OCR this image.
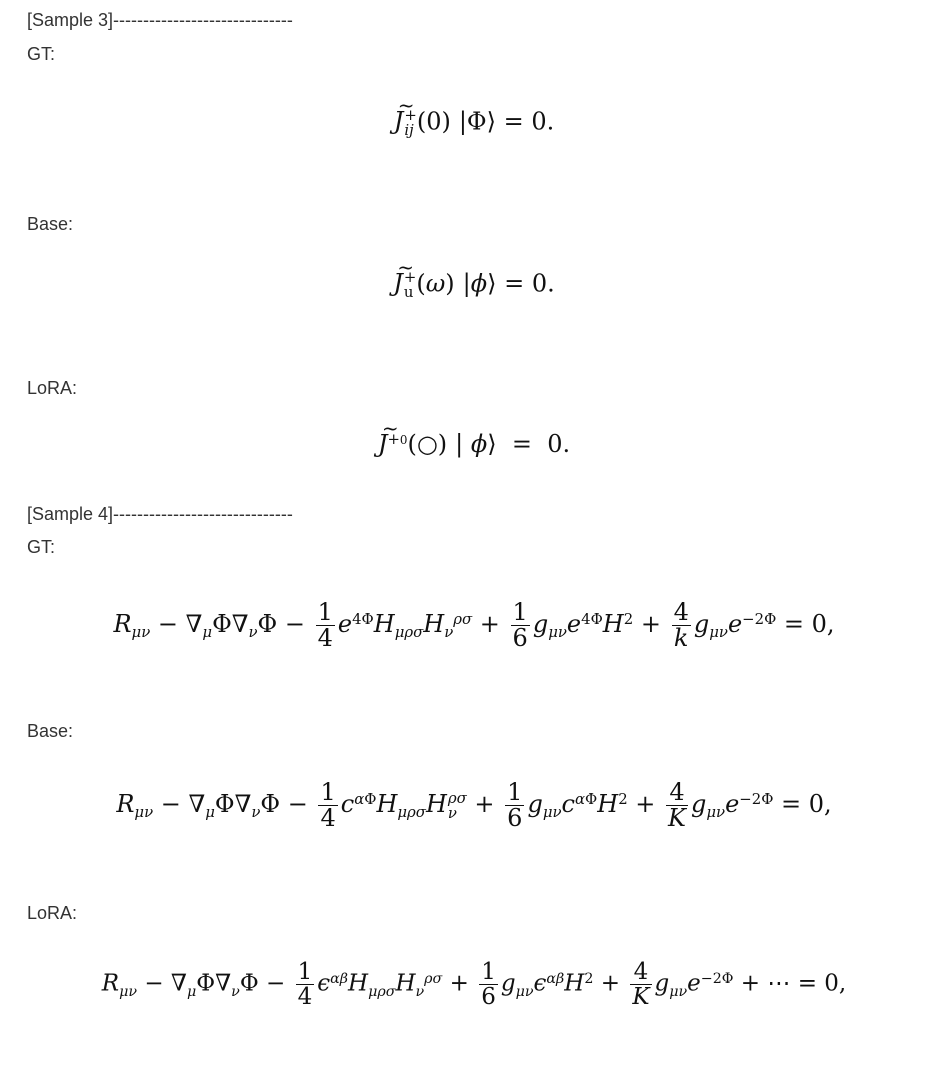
[Sample 3]------------------------------
GT:
~ J +
ij (0) |Φ⟩ = 0.
Base:
~ J +
u (ω) |ϕ⟩ = 0.
LoRA:
~ $J^{+0}(○)$ | ϕ⟩ = 0.
[Sample 4]------------------------------
GT:
$R_{\mu\nu} - \nabla_\mu\Phi\nabla_\nu\Phi - \frac{1}{4} e^{4\Phi}H_{\mu\rho\sigma}H_\nu^{\rho\sigma} + \frac{1}{6} g_{\mu\nu}e^{4\Phi}H^2 + \frac{4}{k} g_{\mu\nu}e^{-2\Phi} = 0$,
Base:
$R_{\mu\nu} - \nabla_\mu\Phi\nabla_\nu\Phi - \frac{1}{4} c^{\alpha\Phi}H_{\mu\rho\sigma}H$ ρσ
$\nu + \frac{1}{6} g_{\mu\nu}c^{\alpha\Phi}H^2 + \frac{4}{K} g_{\mu\nu}e^{-2\Phi} = 0$,
LoRA:
$R_{\mu\nu} - \nabla_\mu\Phi\nabla_\nu\Phi - \frac{1}{4} \epsilon^{\alpha\beta}H_{\mu\rho\sigma}H_\nu^{\rho\sigma} + \frac{1}{6} g_{\mu\nu}\epsilon^{\alpha\beta}H^2 + \frac{4}{K} g_{\mu\nu}e^{-2\Phi}$ + ⋯ = 0,
